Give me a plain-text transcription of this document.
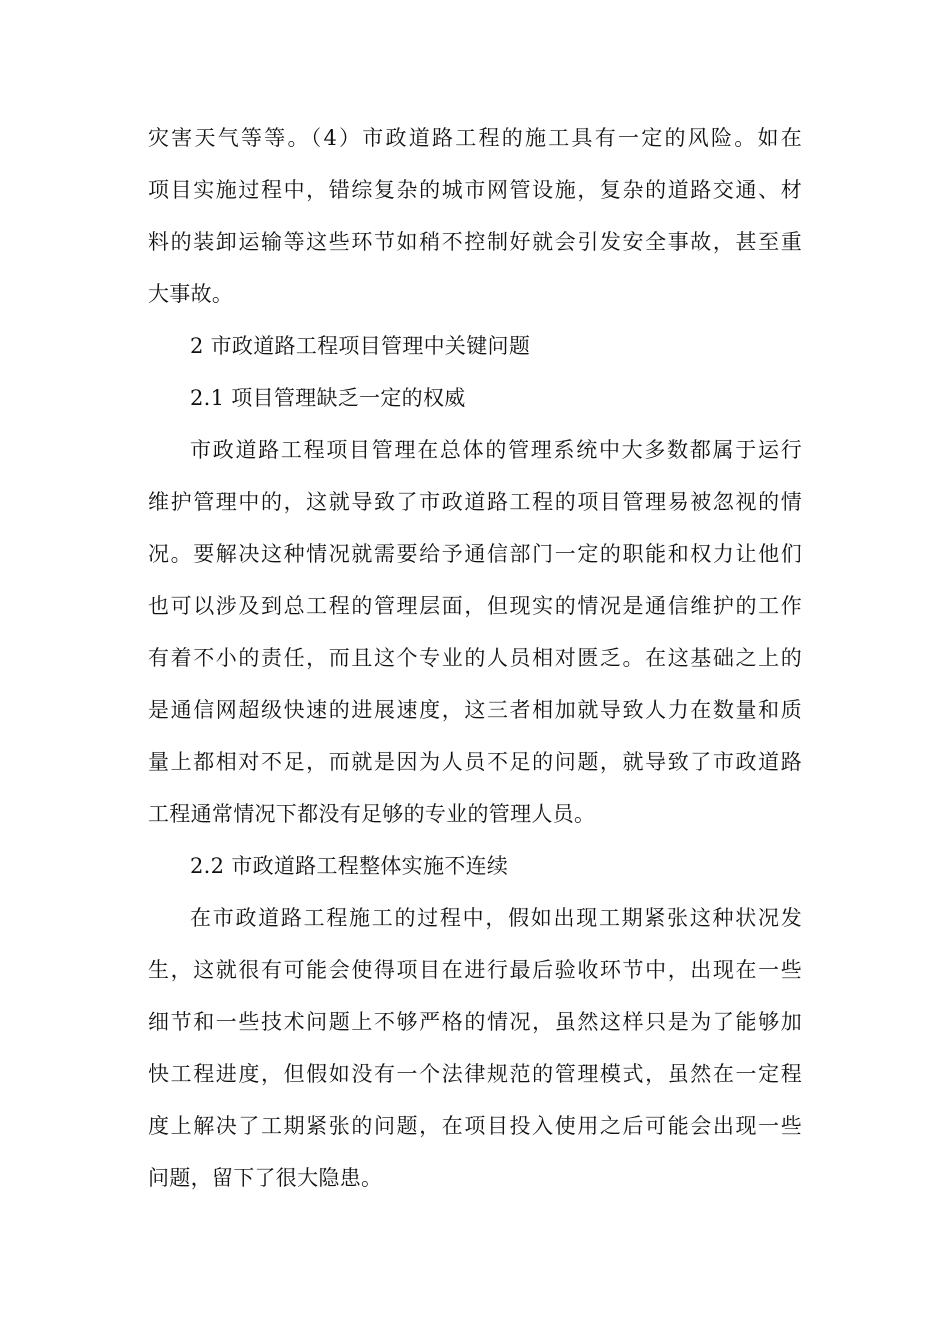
灾害天气等等。（4）市政道路工程的施工具有一定的风险。如在
项目实施过程中，错综复杂的城市网管设施，复杂的道路交通、材
料的装卸运输等这些环节如稍不控制好就会引发安全事故，甚至重
大事故。
2 市政道路工程项目管理中关键问题
2.1 项目管理缺乏一定的权威
市政道路工程项目管理在总体的管理系统中大多数都属于运行
维护管理中的，这就导致了市政道路工程的项目管理易被忽视的情
况。要解决这种情况就需要给予通信部门一定的职能和权力让他们
也可以涉及到总工程的管理层面，但现实的情况是通信维护的工作
有着不小的责任，而且这个专业的人员相对匮乏。在这基础之上的
是通信网超级快速的进展速度，这三者相加就导致人力在数量和质
量上都相对不足，而就是因为人员不足的问题，就导致了市政道路
工程通常情况下都没有足够的专业的管理人员。
2.2 市政道路工程整体实施不连续
在市政道路工程施工的过程中，假如出现工期紧张这种状况发
生，这就很有可能会使得项目在进行最后验收环节中，出现在一些
细节和一些技术问题上不够严格的情况，虽然这样只是为了能够加
快工程进度，但假如没有一个法律规范的管理模式，虽然在一定程
度上解决了工期紧张的问题，在项目投入使用之后可能会出现一些
问题，留下了很大隐患。
